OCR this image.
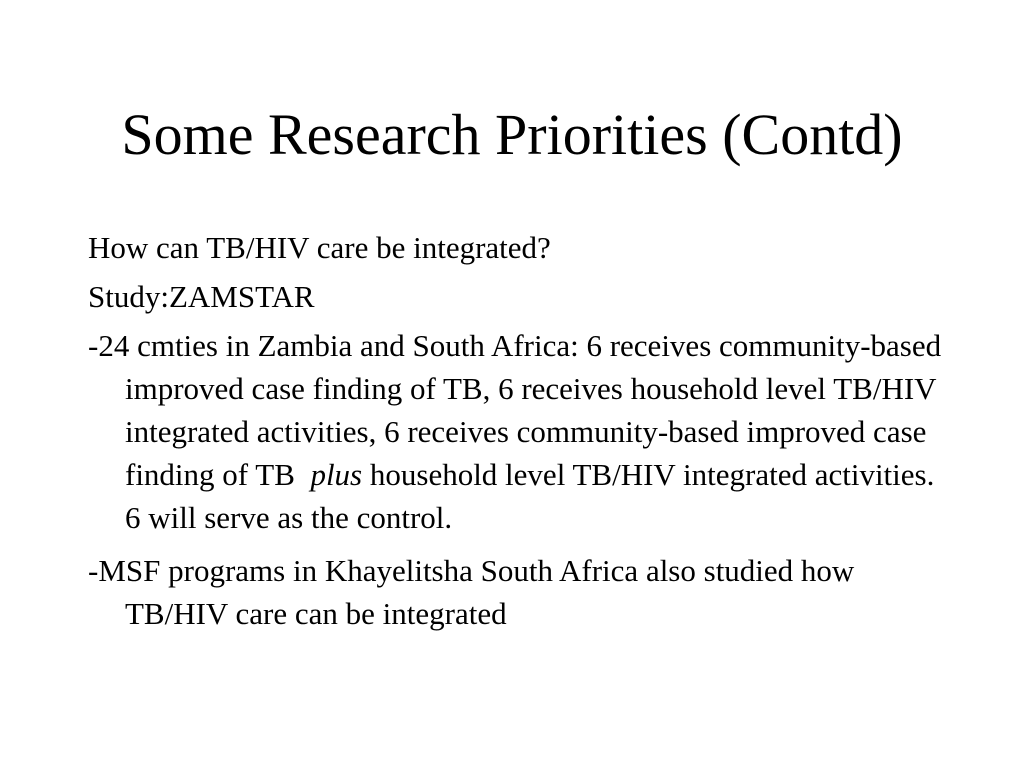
Some Research Priorities (Contd)

How can TB/HIV care be integrated?

Study:ZAMSTAR

-24 cmties in Zambia and South Africa: 6 receives community-based improved case finding of TB, 6 receives household level TB/HIV integrated activities, 6 receives community-based improved case finding of TB  plus household level TB/HIV integrated activities.  6 will serve as the control.

-MSF programs in Khayelitsha South Africa also studied how TB/HIV care can be integrated
